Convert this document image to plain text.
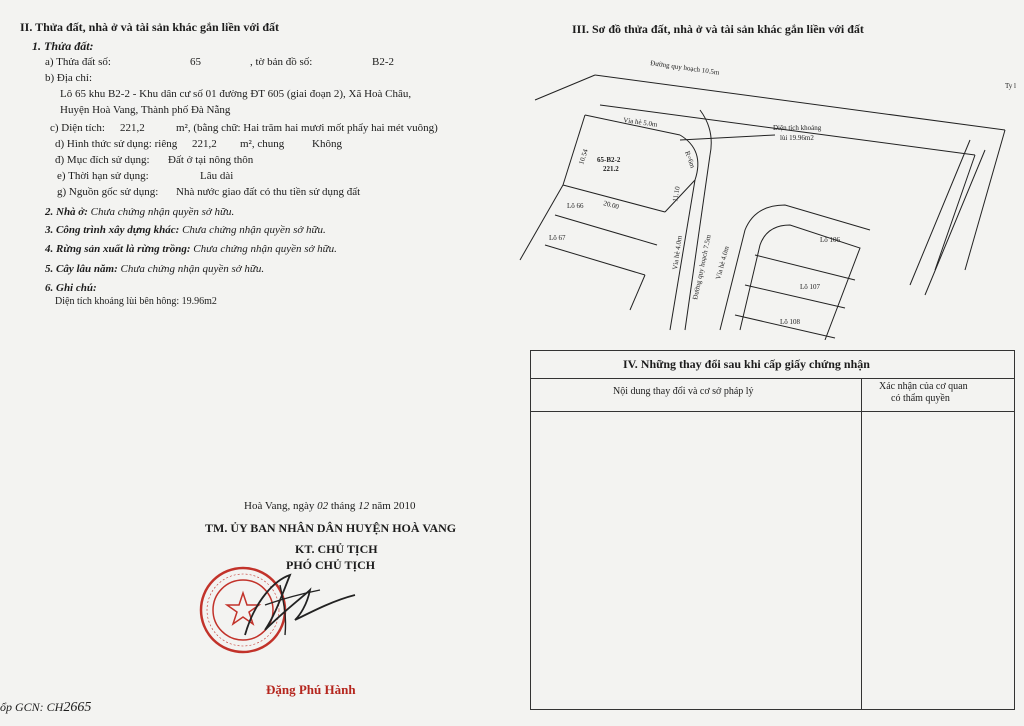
II. Thửa đất, nhà ở và tài sản khác gắn liền với đất
1. Thửa đất:
a) Thửa đất số:	65	, tờ bản đồ số:	B2-2
b) Địa chỉ:
Lô 65 khu B2-2 - Khu dân cư số 01 đường ĐT 605 (giai đoạn 2), Xã Hoà Châu,
Huyện Hoà Vang, Thành phố Đà Nẵng
c) Diện tích: 221,2	m², (bằng chữ: Hai trăm hai mươi mốt phẩy hai mét vuông)
d) Hình thức sử dụng: riêng 221,2 m², chung	Không
đ) Mục đích sử dụng: Đất ở tại nông thôn
e) Thời hạn sử dụng:	Lâu dài
g) Nguồn gốc sử dụng: Nhà nước giao đất có thu tiền sử dụng đất
2. Nhà ở: Chưa chứng nhận quyền sở hữu.
3. Công trình xây dựng khác: Chưa chứng nhận quyền sở hữu.
4. Rừng sản xuất là rừng trồng: Chưa chứng nhận quyền sở hữu.
5. Cây lâu năm: Chưa chứng nhận quyền sở hữu.
6. Ghi chú:
Diện tích khoảng lùi bên hông: 19.96m2
Hoà Vang, ngày 02 tháng 12 năm 2010
TM. ỦY BAN NHÂN DÂN HUYỆN HOÀ VANG
KT. CHỦ TỊCH
PHÓ CHỦ TỊCH
Đặng Phú Hành
ổp GCN: CH2665
III. Sơ đồ thửa đất, nhà ở và tài sản khác gắn liền với đất
Đường quy hoạch 10.5m
Ty l
Vỉa hè 5.0m	Diện tích khoảng
lùi 19.96m2
65-B2-2
221.2
10.54
20.00
11.10
Lô 66
Lô 67	Vỉa hè 4.0m Đường quy hoạch 7.5m Vỉa hè 4.0m
Lô 106
Lô 107
Lô 108
R=6m
IV. Những thay đổi sau khi cấp giấy chứng nhận
Nội dung thay đổi và cơ sở pháp lý	Xác nhận của cơ quan
có thẩm quyền
